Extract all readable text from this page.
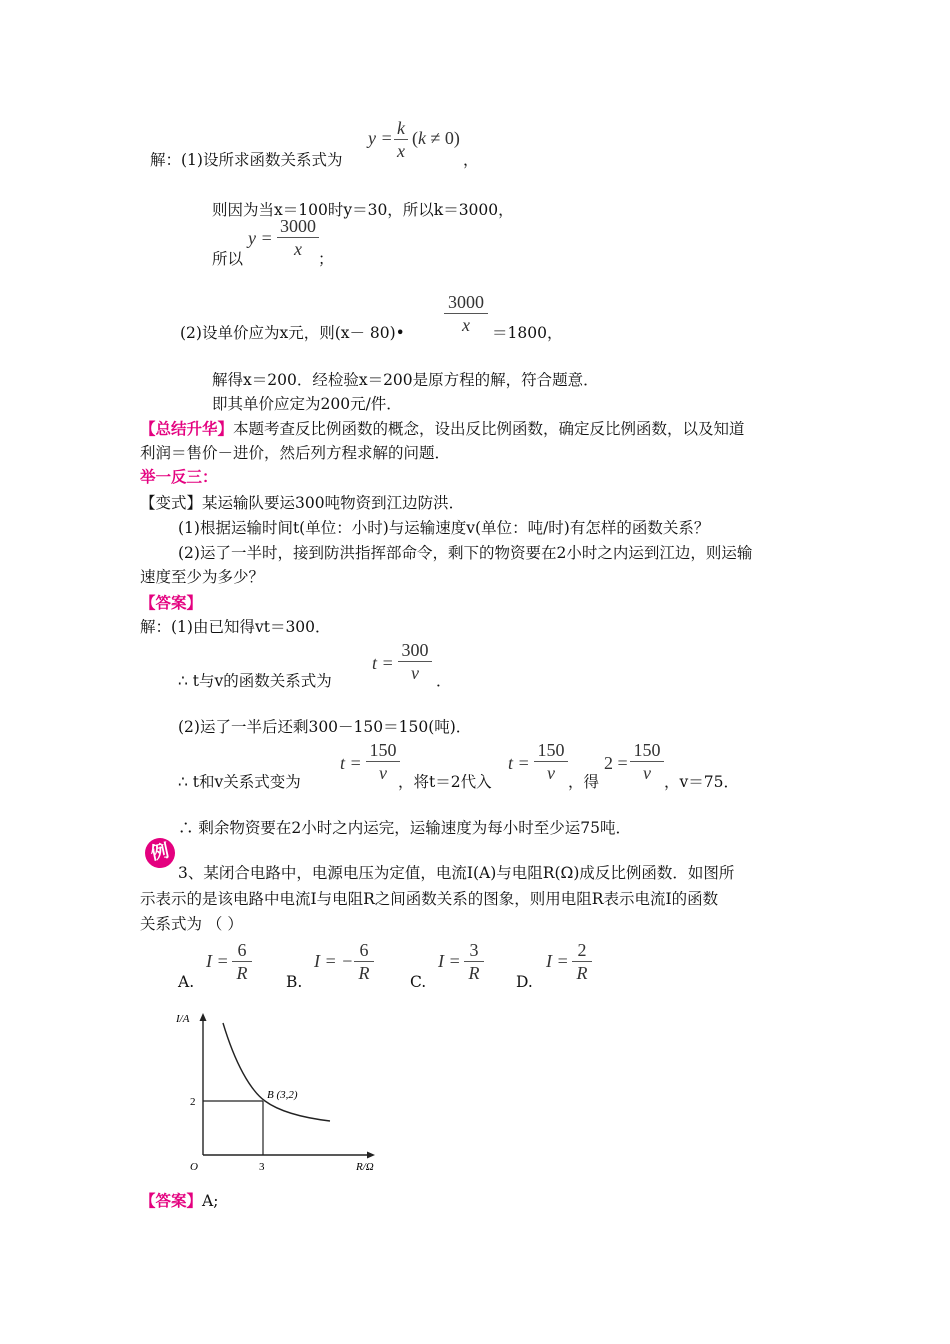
解：(1)设所求函数关系式为
y = k
x
(k ≠ 0)
，
则因为当x＝100时y＝30，所以k＝3000，
所以
y =
3000
x	；
(2)设单价应为x元，则(x－ 80)•
3000
x	＝1800，
解得x＝200．经检验x＝200是原方程的解，符合题意．
即其单价应定为200元/件．
【总结升华】本题考查反比例函数的概念，设出反比例函数，确定反比例函数，以及知道
利润＝售价－进价，然后列方程求解的问题．
举一反三：
【变式】某运输队要运300吨物资到江边防洪．
(1)根据运输时间t(单位：小时)与运输速度v(单位：吨/时)有怎样的函数关系？
(2)运了一半时，接到防洪指挥部命令，剩下的物资要在2小时之内运到江边，则运输
速度至少为多少？
【答案】
解：(1)由已知得vt＝300．
∴ t与v的函数关系式为
t =
300
v	．
(2)运了一半后还剩300－150＝150(吨)．
∴ t和v关系式变为
t =
150
v ，将t＝2代入
t =
150
v ，得
2 =
150
v ，v＝75．
∴ 剩余物资要在2小时之内运完，运输速度为每小时至少运75吨．
例
3、某闭合电路中，电源电压为定值，电流I(A)与电阻R(Ω)成反比例函数．如图所
示表示的是该电路中电流I与电阻R之间函数关系的图象，则用电阻R表示电流I的函数
关系式为 （ ）
A.
I =
6
R B.
I = −
6
R	C.
I =
3
R D.
I =
2
R
I/A
R/Ω
O	3
2
B (3,2)
【答案】A;
